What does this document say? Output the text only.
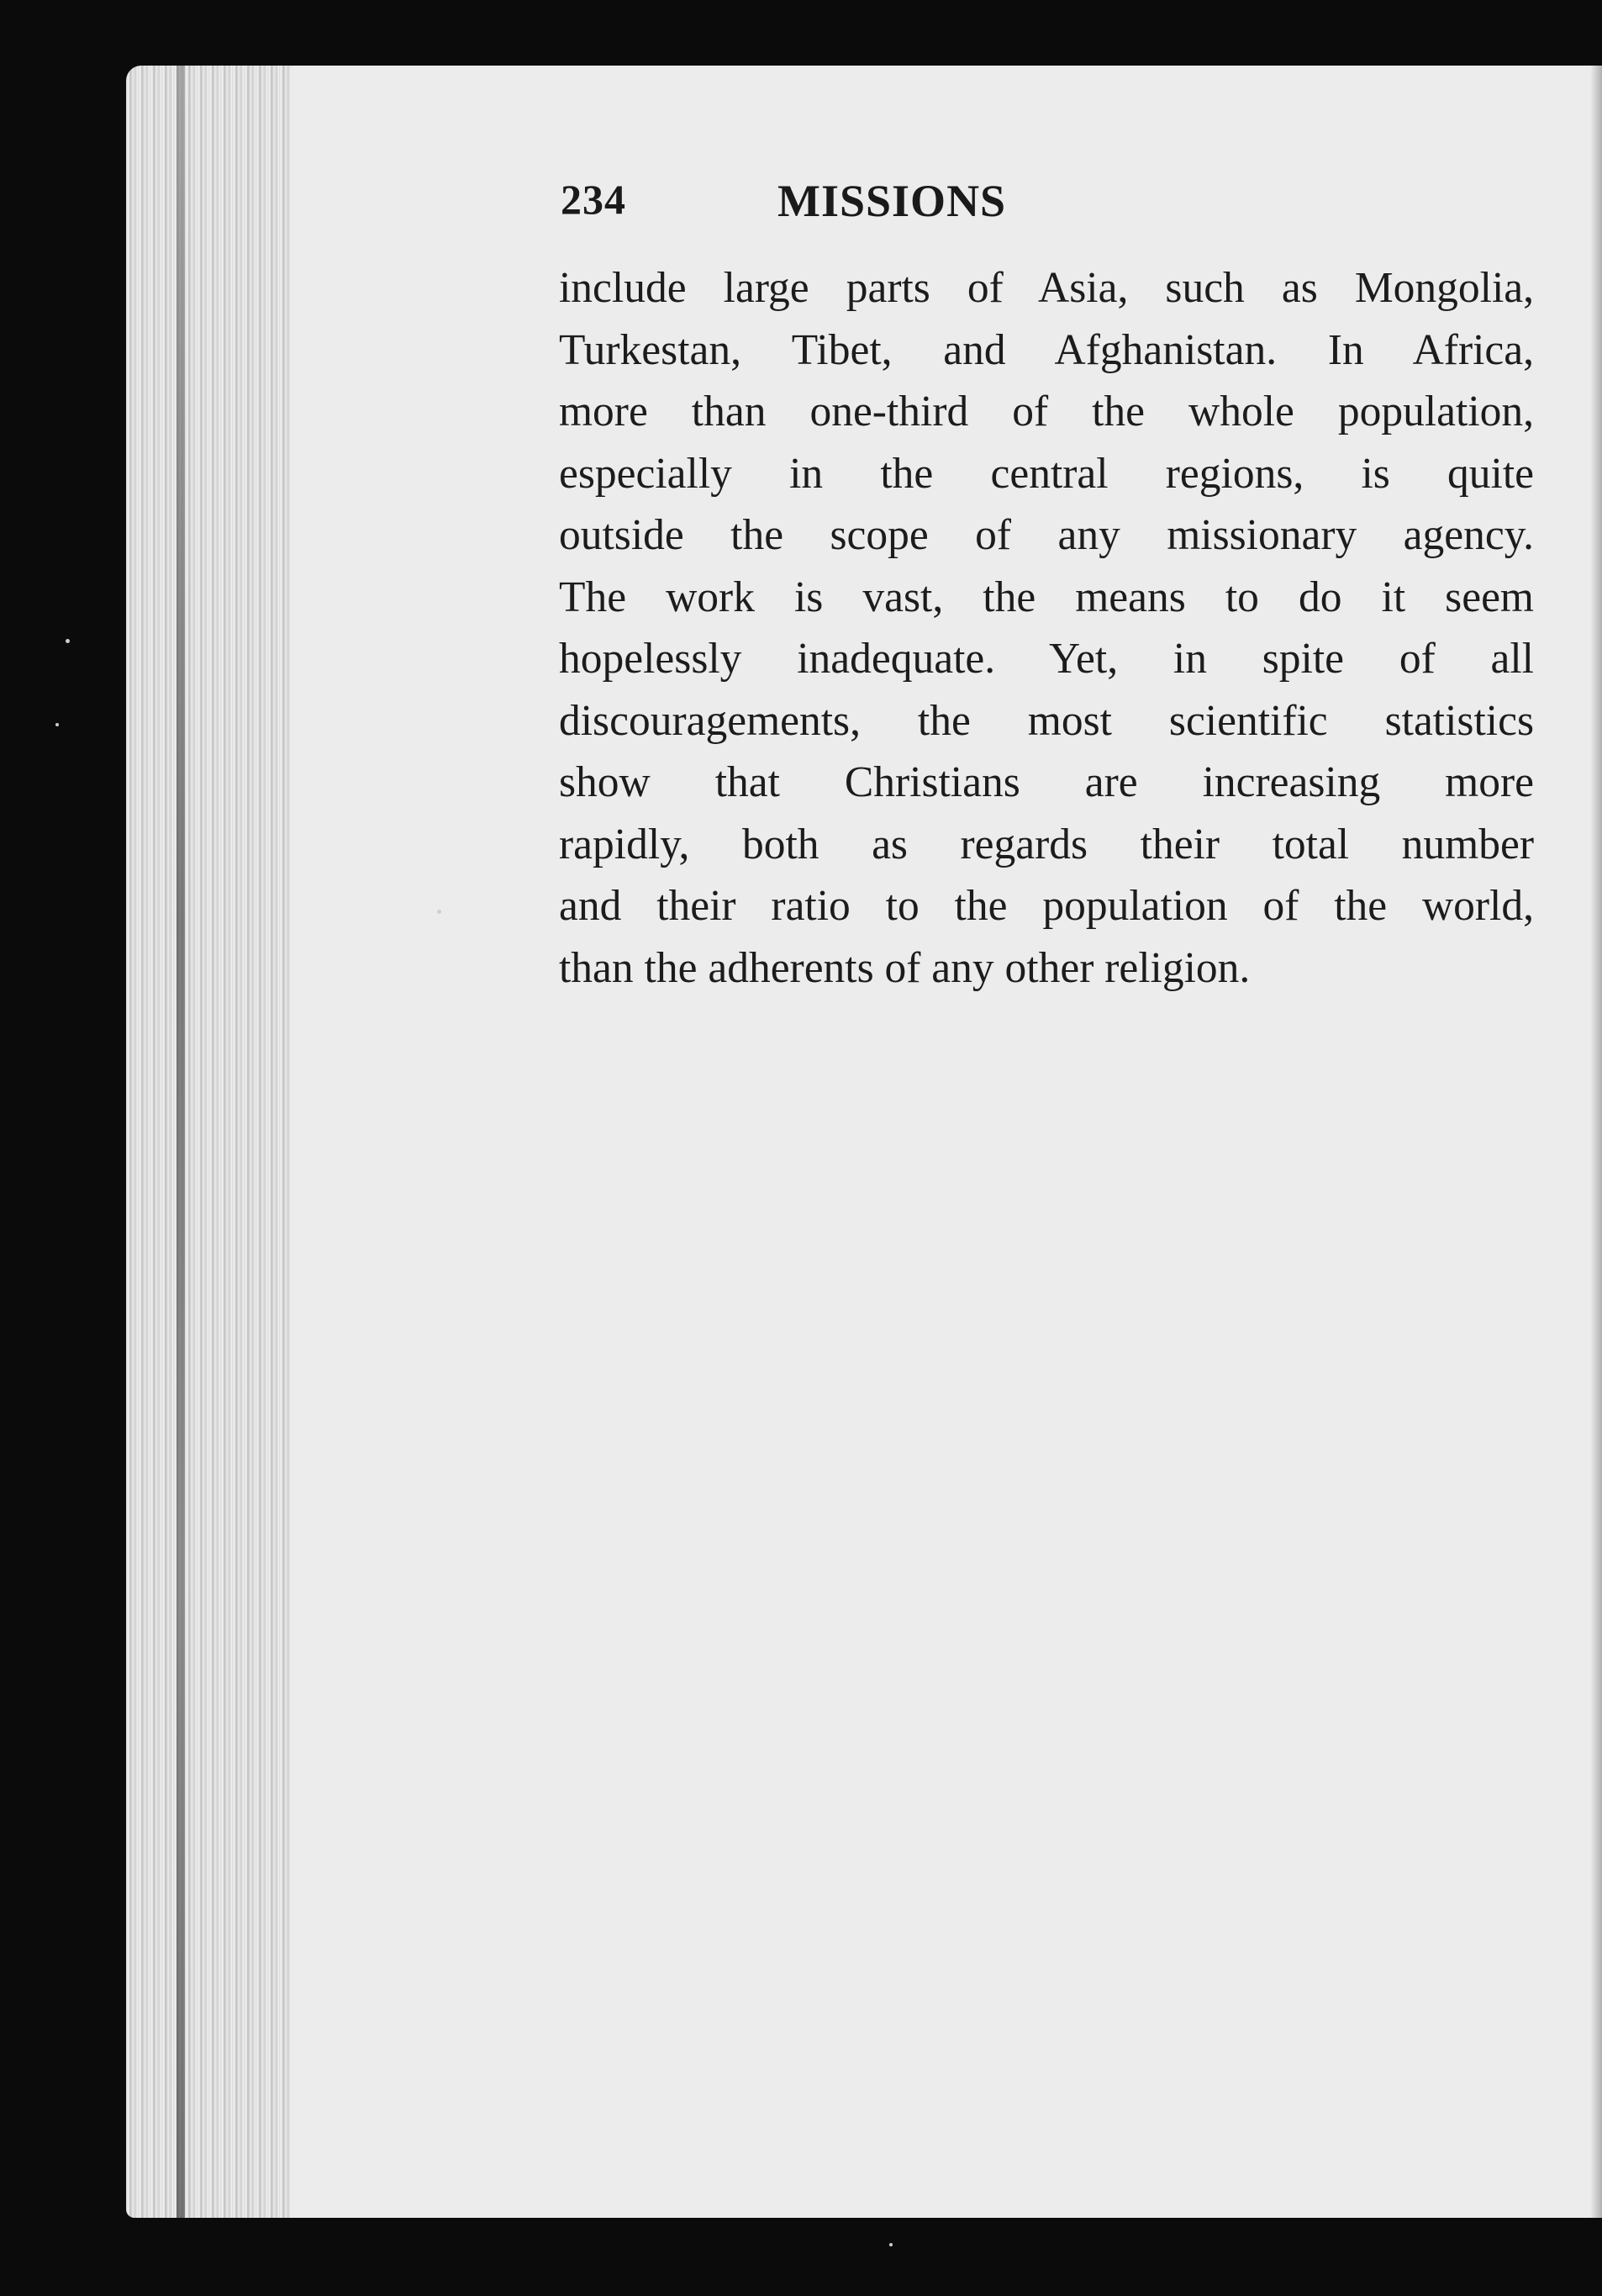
234	MISSIONS
include large parts of Asia, such as Mongolia,
Turkestan, Tibet, and Afghanistan. In Africa,
more than one-third of the whole population,
especially in the central regions, is quite
outside the scope of any missionary agency.
The work is vast, the means to do it seem
hopelessly inadequate. Yet, in spite of all
discouragements, the most scientific statistics
show that Christians are increasing more
rapidly, both as regards their total number
and their ratio to the population of the world,
than the adherents of any other religion.
